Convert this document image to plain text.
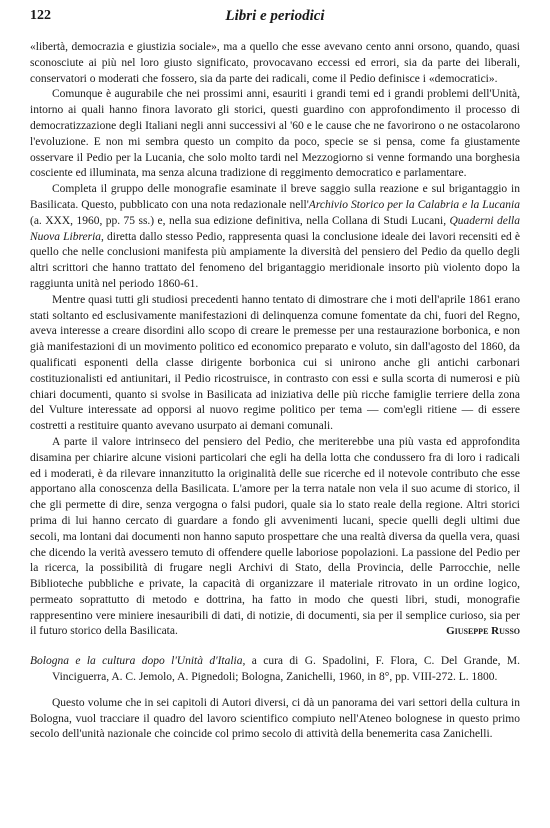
122	Libri e periodici

«libertà, democrazia e giustizia sociale», ma a quello che esse avevano cento anni orsono, quando, quasi sconosciute ai più nel loro giusto significato, provocavano eccessi ed errori, sia da parte dei liberali, conservatori o moderati che fossero, sia da parte dei radicali, come il Pedio definisce i «democratici».

Comunque è augurabile che nei prossimi anni, esauriti i grandi temi ed i grandi problemi dell'Unità, intorno ai quali hanno finora lavorato gli storici, questi guardino con approfondimento il processo di democratizzazione degli Italiani negli anni successivi al '60 e le cause che ne favorirono o ne ostacolarono l'evoluzione. E non mi sembra questo un compito da poco, specie se si pensa, come fa giustamente osservare il Pedio per la Lucania, che solo molto tardi nel Mezzogiorno si venne formando una borghesia cosciente ed illuminata, ma senza alcuna tradizione di reggimento democratico e parlamentare.

Completa il gruppo delle monografie esaminate il breve saggio sulla reazione e sul brigantaggio in Basilicata. Questo, pubblicato con una nota redazionale nell'Archivio Storico per la Calabria e la Lucania (a. XXX, 1960, pp. 75 ss.) e, nella sua edizione definitiva, nella Collana di Studi Lucani, Quaderni della Nuova Libreria, diretta dallo stesso Pedio, rappresenta quasi la conclusione ideale dei lavori recensiti ed è quello che nelle conclusioni manifesta più ampiamente la diversità del pensiero del Pedio da quello degli altri scrittori che hanno trattato del fenomeno del brigantaggio meridionale insorto più violento dopo la raggiunta unità nel periodo 1860-61.

Mentre quasi tutti gli studiosi precedenti hanno tentato di dimostrare che i moti dell'aprile 1861 erano stati soltanto ed esclusivamente manifestazioni di delinquenza comune fomentate da chi, fuori del Regno, aveva interesse a creare disordini allo scopo di creare le premesse per una restaurazione borbonica, e non già manifestazioni di un movimento politico ed economico preparato e voluto, sin dall'agosto del 1860, da qualificati esponenti della classe dirigente borbonica cui si unirono anche gli antichi carbonari costituzionalisti ed antiunitari, il Pedio ricostruisce, in contrasto con essi e sulla scorta di numerosi e più chiari documenti, quanto si svolse in Basilicata ad iniziativa delle più ricche famiglie terriere della zona del Vulture interessate ad opporsi al nuovo regime politico per tema — com'egli ritiene — di essere costretti a restituire quanto avevano usurpato ai demani comunali.

A parte il valore intrinseco del pensiero del Pedio, che meriterebbe una più vasta ed approfondita disamina per chiarire alcune visioni particolari che egli ha della lotta che condussero fra di loro i radicali ed i moderati, è da rilevare innanzitutto la originalità delle sue ricerche ed il notevole contributo che esse apportano alla conoscenza della Basilicata. L'amore per la terra natale non vela il suo acume di storico, il che gli permette di dire, senza vergogna o falsi pudori, quale sia lo stato reale della regione. Altri storici prima di lui hanno cercato di guardare a fondo gli avvenimenti lucani, specie quelli degli ultimi due secoli, ma lontani dai documenti non hanno saputo prospettare che una realtà diversa da quella vera, quasi che dicendo la verità avessero temuto di offendere quelle laboriose popolazioni. La passione del Pedio per la ricerca, la possibilità di frugare negli Archivi di Stato, della Provincia, delle Parrocchie, nelle Biblioteche pubbliche e private, la capacità di organizzare il materiale ritrovato in un ordine logico, permeato soprattutto di metodo e dottrina, ha fatto in modo che questi libri, studi, monografie rappresentino vere miniere inesauribili di dati, di notizie, di documenti, sia per il semplice curioso, sia per il futuro storico della Basilicata.	Giuseppe Russo

Bologna e la cultura dopo l'Unità d'Italia, a cura di G. Spadolini, F. Flora, C. Del Grande, M. Vinciguerra, A. C. Jemolo, A. Pignedoli; Bologna, Zanichelli, 1960, in 8°, pp. VIII-272. L. 1800.

Questo volume che in sei capitoli di Autori diversi, ci dà un panorama dei vari settori della cultura in Bologna, vuol tracciare il quadro del lavoro scientifico compiuto nell'Ateneo bolognese in questo primo secolo dell'unità nazionale che coincide col primo secolo di attività della benemerita casa Zanichelli.
